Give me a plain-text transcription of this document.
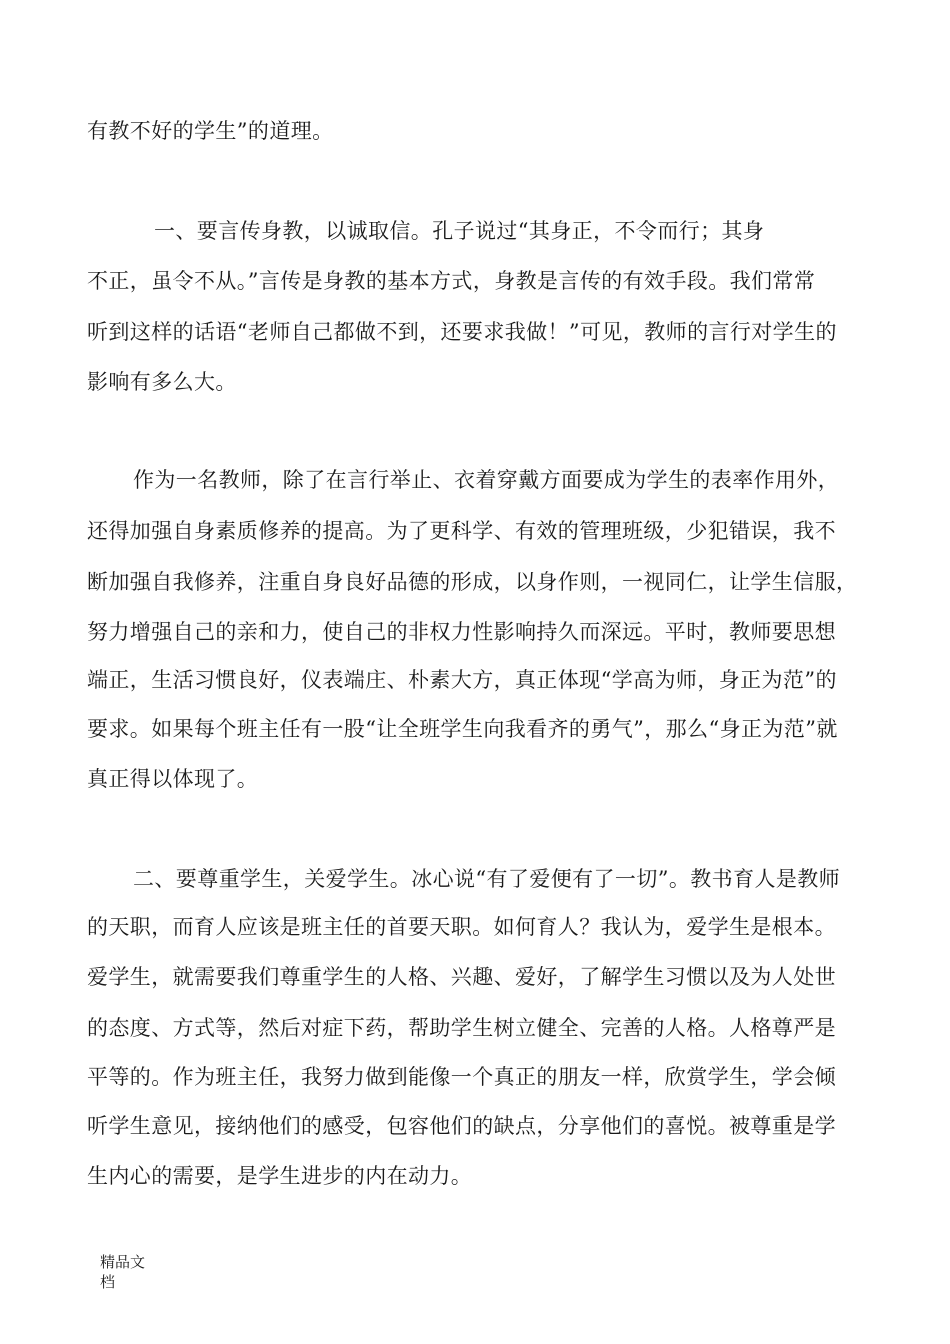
有教不好的学生”的道理。
一、要言传身教，以诚取信。孔子说过“其身正，不令而行；其身
不正，虽令不从。”言传是身教的基本方式，身教是言传的有效手段。我们常常
听到这样的话语“老师自己都做不到，还要求我做！”可见，教师的言行对学生的
影响有多么大。
作为一名教师，除了在言行举止、衣着穿戴方面要成为学生的表率作用外，
还得加强自身素质修养的提高。为了更科学、有效的管理班级，少犯错误，我不
断加强自我修养，注重自身良好品德的形成，以身作则，一视同仁，让学生信服，
努力增强自己的亲和力，使自己的非权力性影响持久而深远。平时，教师要思想
端正，生活习惯良好，仪表端庄、朴素大方，真正体现“学高为师，身正为范”的
要求。如果每个班主任有一股“让全班学生向我看齐的勇气”，那么“身正为范”就
真正得以体现了。
二、要尊重学生，关爱学生。冰心说“有了爱便有了一切”。教书育人是教师
的天职，而育人应该是班主任的首要天职。如何育人？我认为，爱学生是根本。
爱学生，就需要我们尊重学生的人格、兴趣、爱好，了解学生习惯以及为人处世
的态度、方式等，然后对症下药，帮助学生树立健全、完善的人格。人格尊严是
平等的。作为班主任，我努力做到能像一个真正的朋友一样，欣赏学生，学会倾
听学生意见，接纳他们的感受，包容他们的缺点，分享他们的喜悦。被尊重是学
生内心的需要，是学生进步的内在动力。
精品文
档
